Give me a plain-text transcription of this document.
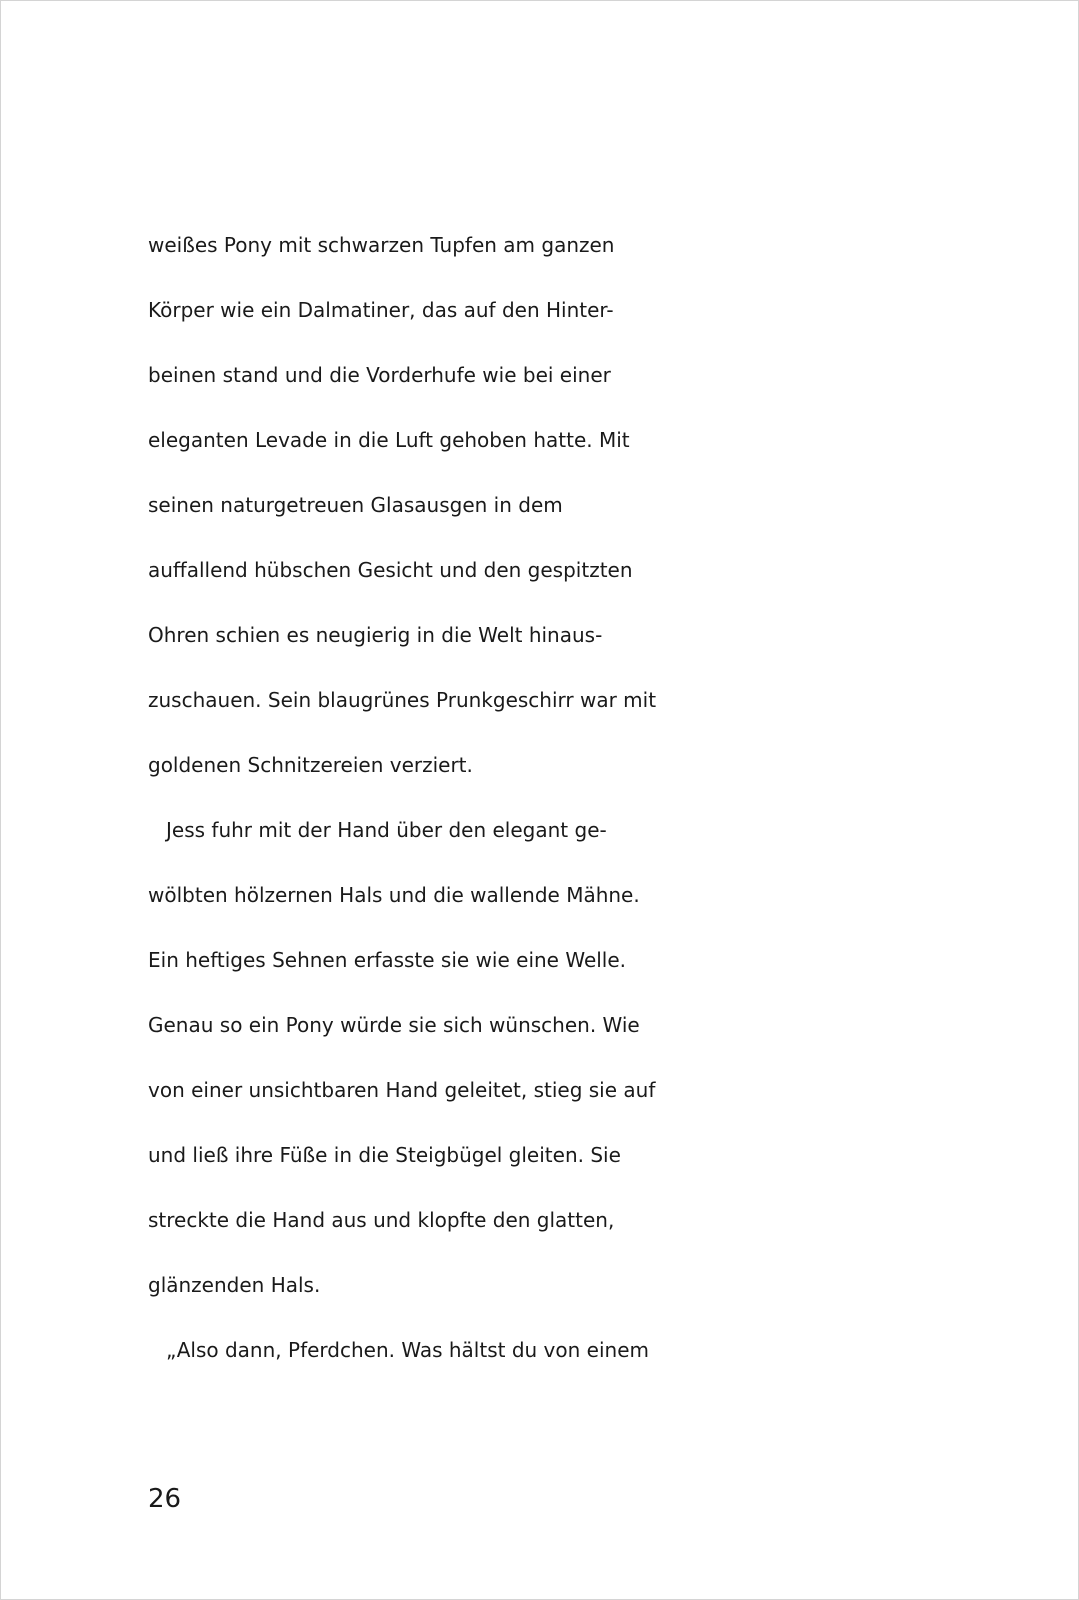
weißes Pony mit schwarzen Tupfen am ganzen
Körper wie ein Dalmatiner, das auf den Hinter-
beinen stand und die Vorderhufe wie bei einer
eleganten Levade in die Luft gehoben hatte. Mit
seinen naturgetreuen Glasausgen in dem
auffallend hübschen Gesicht und den gespitzten
Ohren schien es neugierig in die Welt hinaus-
zuschauen. Sein blaugrünes Prunkgeschirr war mit
goldenen Schnitzereien verziert.
Jess fuhr mit der Hand über den elegant ge-
wölbten hölzernen Hals und die wallende Mähne.
Ein heftiges Sehnen erfasste sie wie eine Welle.
Genau so ein Pony würde sie sich wünschen. Wie
von einer unsichtbaren Hand geleitet, stieg sie auf
und ließ ihre Füße in die Steigbügel gleiten. Sie
streckte die Hand aus und klopfte den glatten,
glänzenden Hals.
„Also dann, Pferdchen. Was hältst du von einem
26
